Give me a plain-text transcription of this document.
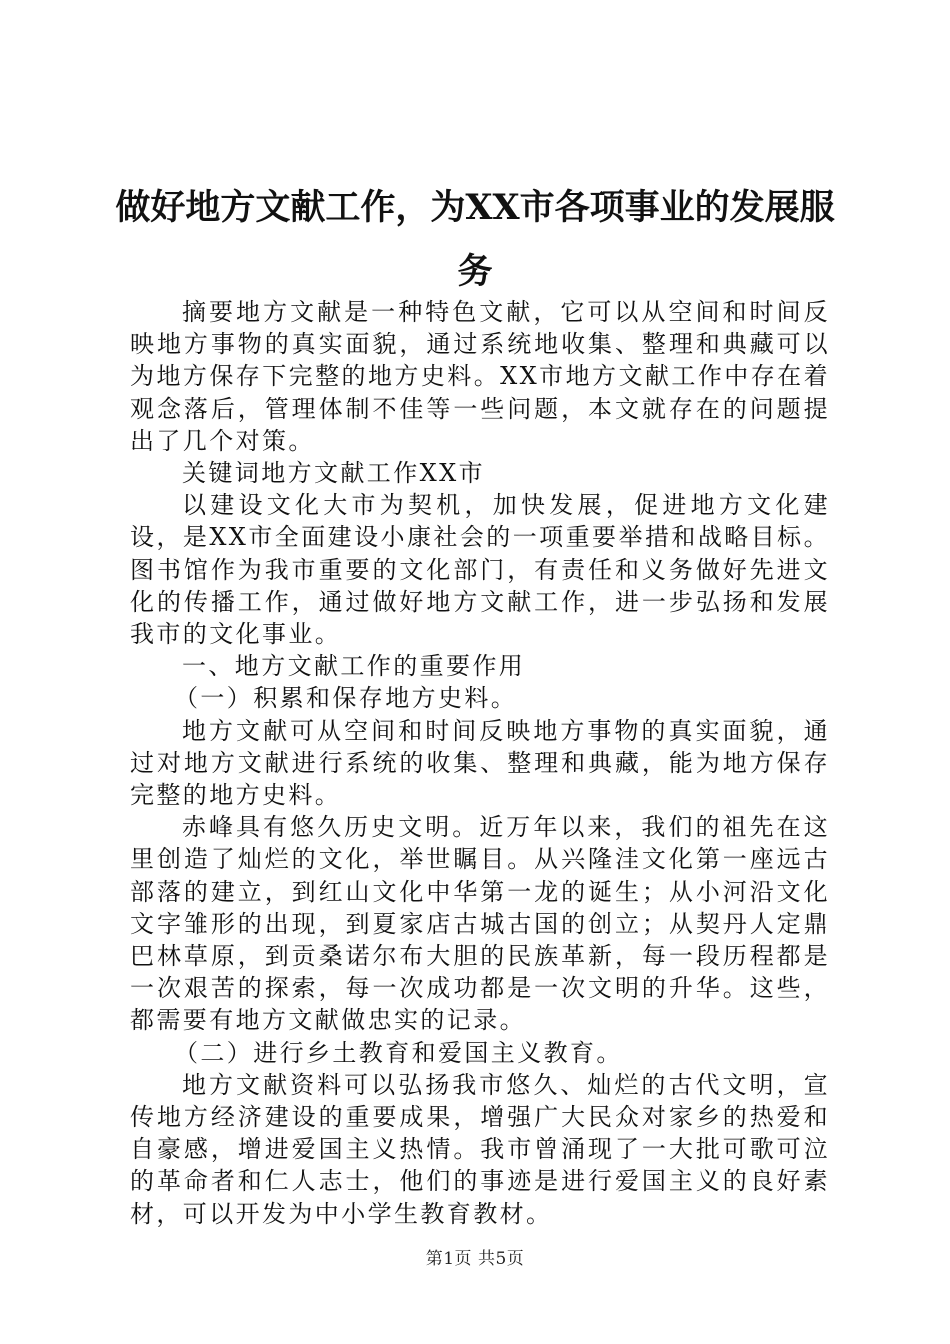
做好地方文献工作，为XX市各项事业的发展服务

摘要地方文献是一种特色文献，它可以从空间和时间反映地方事物的真实面貌，通过系统地收集、整理和典藏可以为地方保存下完整的地方史料。XX市地方文献工作中存在着观念落后，管理体制不佳等一些问题，本文就存在的问题提出了几个对策。

关键词地方文献工作XX市

以建设文化大市为契机，加快发展，促进地方文化建设，是XX市全面建设小康社会的一项重要举措和战略目标。图书馆作为我市重要的文化部门，有责任和义务做好先进文化的传播工作，通过做好地方文献工作，进一步弘扬和发展我市的文化事业。

一、地方文献工作的重要作用

（一）积累和保存地方史料。

地方文献可从空间和时间反映地方事物的真实面貌，通过对地方文献进行系统的收集、整理和典藏，能为地方保存完整的地方史料。

赤峰具有悠久历史文明。近万年以来，我们的祖先在这里创造了灿烂的文化，举世瞩目。从兴隆洼文化第一座远古部落的建立，到红山文化中华第一龙的诞生；从小河沿文化文字雏形的出现，到夏家店古城古国的创立；从契丹人定鼎巴林草原，到贡桑诺尔布大胆的民族革新，每一段历程都是一次艰苦的探索，每一次成功都是一次文明的升华。这些，都需要有地方文献做忠实的记录。

（二）进行乡土教育和爱国主义教育。

地方文献资料可以弘扬我市悠久、灿烂的古代文明，宣传地方经济建设的重要成果，增强广大民众对家乡的热爱和自豪感，增进爱国主义热情。我市曾涌现了一大批可歌可泣的革命者和仁人志士，他们的事迹是进行爱国主义的良好素材，可以开发为中小学生教育教材。

第1页 共5页
